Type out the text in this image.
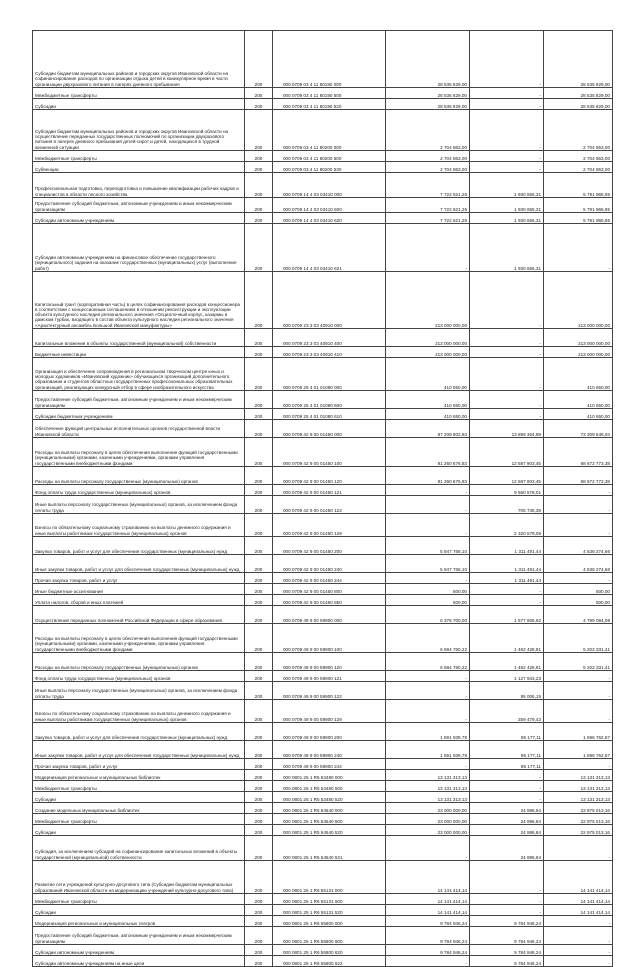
Субсидии бюджетам муниципальных районов и городских округов Ивановской области на софинансирование расходов по организации отдыха детей в каникулярное время в части организации двухразового питания в лагерях дневного пребывания	200	000 0709 03 4 11 80190 000	28 535 829,00	-	28 535 829,00
Межбюджетные трансферты	200	000 0709 03 4 11 80190 500	28 535 829,00	-	28 535 829,00
Субсидии	200	000 0709 03 4 11 80190 520	28 535 829,00	-	28 535 829,00
Субсидии бюджетам муниципальных районов и городских округов Ивановской области на осуществление переданных государственных полномочий по организации двухразового питания в лагерях дневного пребывания детей-сирот и детей, находящихся в трудной жизненной ситуации	200	000 0709 03 4 11 80200 000	2 704 863,00	-	2 704 863,00
Межбюджетные трансферты	200	000 0709 03 4 11 80200 500	2 704 863,00	-	2 704 863,00
Субвенции	200	000 0709 03 4 11 80200 530	2 704 863,00	-	2 704 863,00
Профессиональная подготовка, переподготовка и повышение квалификации рабочих кадров и специалистов в области лесного хозяйства	200	000 0709 14 4 03 03410 000	7 722 621,26	1 930 655,31	5 791 965,95
Предоставление субсидий бюджетным, автономным учреждениям и иным некоммерческим организациям	200	000 0709 14 4 03 03410 600	7 722 621,26	1 930 655,31	5 791 965,95
Субсидии автономным учреждениям	200	000 0709 14 4 03 03410 620	7 722 621,26	1 930 655,31	5 791 965,95
Субсидии автономным учреждениям на финансовое обеспечение государственного (муниципального) задания на оказание государственных (муниципальных) услуг (выполнение работ)	200	000 0709 14 4 03 03410 621	-	1 930 655,31	-
Капитальный грант (корпоративная часть) в целях софинансирования расходов концессионера в соответствии с концессионным соглашением в отношении реконструкции и эксплуатации объекта культурного наследия регионального значения «Осциллочный корпус, казармы в дамском турбах, входящего в состав объекта культурного наследия регионального значения «Архитектурный ансамбль Большой Ивановской мануфактуры»	200	000 0709 23 3 03 40910 000	213 000 000,00	-	213 000 000,00
Капитальные вложения в объекты государственной (муниципальной) собственности	200	000 0709 23 3 03 40910 400	213 000 000,00	-	213 000 000,00
Бюджетные инвестиции	200	000 0709 23 3 03 40910 410	213 000 000,00	-	213 000 000,00
Организация и обеспечение сопровождения в региональном творческом центре юных и молодых художников «Ивановский художник» обучающихся организаций дополнительного образования и студентов областных государственных профессиональных образовательных организаций, реализующих конкурсный отбор в сфере изобразительного искусства	200	000 0709 25 4 01 01080 000	410 650,00	-	410 650,00
Предоставление субсидий бюджетным, автономным учреждениям и иным некоммерческим организациям	200	000 0709 25 4 01 01080 600	410 650,00	-	410 650,00
Субсидии бюджетным учреждениям	200	000 0709 25 4 01 01080 610	410 650,00	-	410 650,00
Обеспечение функций центральных исполнительных органов государственной власти Ивановской области	200	000 0709 42 9 00 01450 000	87 209 902,93	13 899 354,89	73 309 548,04
Расходы на выплаты персоналу в целях обеспечения выполнения функций государственными (муниципальными) органами, казенными учреждениями, органами управления государственными внебюджетными фондами	200	000 0709 42 9 00 01450 100	81 260 676,83	12 587 903,45	68 672 773,38
Расходы на выплаты персоналу государственных (муниципальных) органов	200	000 0709 42 9 00 01450 120	81 260 676,83	12 587 903,45	68 672 773,38
Фонд оплаты труда государственных (муниципальных) органов	200	000 0709 42 9 00 01450 121	-	9 560 578,01	-
Иные выплаты персоналу государственных (муниципальных) органов, за исключением фонда оплаты труда	200	000 0709 42 9 00 01450 122	-	705 745,39	-
Взносы по обязательному социальному страхованию на выплаты денежного содержания и иные выплаты работникам государственных (муниципальных) органов	200	000 0709 42 9 00 01450 129	-	2 320 579,05	-
Закупка товаров, работ и услуг для обеспечения государственных (муниципальных) нужд	200	000 0709 42 9 00 01450 200	5 947 766,10	1 311 491,44	4 636 274,66
Иные закупки товаров, работ и услуг для обеспечения государственных (муниципальных) нужд	200	000 0709 42 9 00 01450 240	5 947 766,10	1 311 491,44	4 636 274,66
Прочая закупка товаров, работ и услуг	200	000 0709 42 9 00 01450 244	-	1 311 491,44	-
Иные бюджетные ассигнования	200	000 0709 42 9 00 01450 800	500,00	-	500,00
Уплата налогов, сборов и иных платежей	200	000 0709 42 9 00 01450 850	500,00	-	500,00
Осуществление переданных полномочий Российской Федерации в сфере образования	200	000 0709 49 9 00 59900 000	6 376 700,00	1 577 605,92	4 799 094,08
Расходы на выплаты персоналу в целях обеспечения выполнения функций государственными (муниципальными) органами, казенными учреждениями, органами управления государственными внебюджетными фондами	200	000 0709 49 9 00 59900 100	6 684 760,22	1 482 428,81	5 202 331,41
Расходы на выплаты персоналу государственных (муниципальных) органов	200	000 0709 49 9 00 59900 120	6 684 760,22	1 482 428,81	5 202 331,41
Фонд оплаты труда государственных (муниципальных) органов	200	000 0709 49 9 00 59900 121	-	1 127 943,23	-
Иные выплаты персоналу государственных (муниципальных) органов, за исключением фонда оплаты труда	200	000 0709 49 9 00 59900 122	-	95 006,15	-
Взносы по обязательному социальному страхованию на выплаты денежного содержания и иные выплаты работникам государственных (муниципальных) органов	200	000 0709 49 9 00 59900 129	-	259 479,43	-
Закупка товаров, работ и услуг для обеспечения государственных (муниципальных) нужд	200	000 0709 49 9 00 59900 200	1 691 939,78	95 177,11	1 596 762,67
Иные закупки товаров, работ и услуг для обеспечения государственных (муниципальных) нужд	200	000 0709 49 9 00 59900 240	1 691 939,78	95 177,11	1 596 762,67
Прочая закупка товаров, работ и услуг	200	000 0709 49 9 00 59900 244	-	95 177,11	-
Модернизация региональных и муниципальных библиотек	200	000 0801 25 1 R5 53480 000	13 131 313,13	-	13 131 313,13
Межбюджетные трансферты	200	000 0801 25 1 R5 53480 500	13 131 313,13	-	13 131 313,13
Субсидии	200	000 0801 25 1 R5 53480 520	13 131 313,13	-	13 131 313,13
Создание модельных муниципальных библиотек	200	000 0801 25 1 R5 54540 000	23 000 000,00	24 986,84	22 975 013,16
Межбюджетные трансферты	200	000 0801 25 1 R5 54540 500	23 000 000,00	24 986,84	22 975 013,16
Субсидии	200	000 0801 25 1 R5 54540 520	23 000 000,00	24 986,84	22 975 013,16
Субсидия, за исключением субсидий на софинансирование капитальных вложений в объекты государственной (муниципальной) собственности	200	000 0801 25 1 R5 54540 521	-	24 986,84	-
Развитие сети учреждений культурно-досугового типа (Субсидии бюджетам муниципальных образований Ивановской области на модернизацию учреждений культурно-досугового типа)	200	000 0801 25 1 R6 55131 000	14 141 414,14	-	14 141 414,14
Межбюджетные трансферты	200	000 0801 25 1 R6 55131 500	14 141 414,14	-	14 141 414,14
Субсидии	200	000 0801 25 1 R6 55131 520	14 141 414,14	-	14 141 414,14
Модернизация региональных и муниципальных театров	200	000 0801 25 1 R6 55800 000	9 784 946,24	9 784 946,24	-
Предоставление субсидий бюджетным, автономным учреждениям и иным некоммерческим организациям	200	000 0801 25 1 R6 55800 600	9 784 946,24	9 784 946,24	-
Субсидии автономным учреждениям	200	000 0801 25 1 R6 55800 620	9 784 946,24	9 784 946,24	-
Субсидии автономным учреждениям на иные цели	200	000 0801 25 1 R6 55800 622	-	9 784 946,24	-
